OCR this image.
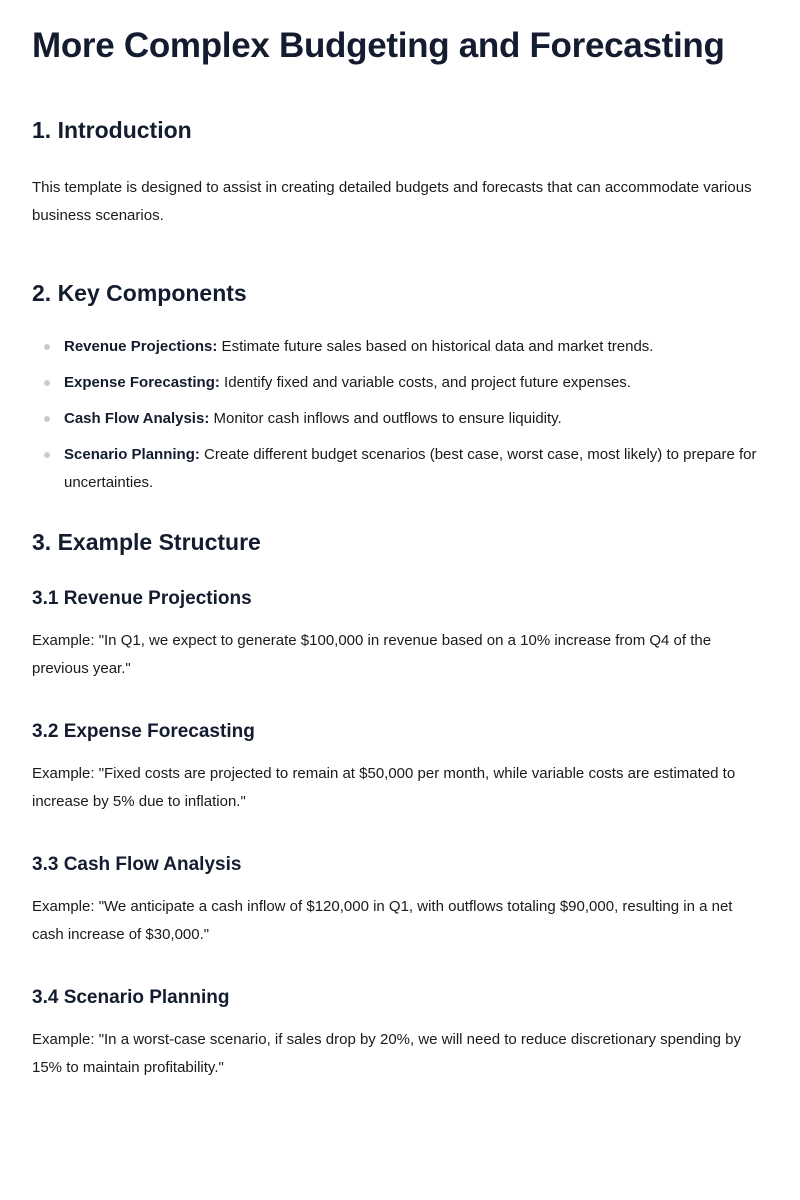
More Complex Budgeting and Forecasting
1. Introduction

This template is designed to assist in creating detailed budgets and forecasts that can accommodate various business scenarios.

2. Key Components
Revenue Projections: Estimate future sales based on historical data and market trends.
Expense Forecasting: Identify fixed and variable costs, and project future expenses.
Cash Flow Analysis: Monitor cash inflows and outflows to ensure liquidity.
Scenario Planning: Create different budget scenarios (best case, worst case, most likely) to prepare for uncertainties.
3. Example Structure
3.1 Revenue Projections

Example: "In Q1, we expect to generate $100,000 in revenue based on a 10% increase from Q4 of the previous year."

3.2 Expense Forecasting

Example: "Fixed costs are projected to remain at $50,000 per month, while variable costs are estimated to increase by 5% due to inflation."

3.3 Cash Flow Analysis

Example: "We anticipate a cash inflow of $120,000 in Q1, with outflows totaling $90,000, resulting in a net cash increase of $30,000."

3.4 Scenario Planning

Example: "In a worst-case scenario, if sales drop by 20%, we will need to reduce discretionary spending by 15% to maintain profitability."
